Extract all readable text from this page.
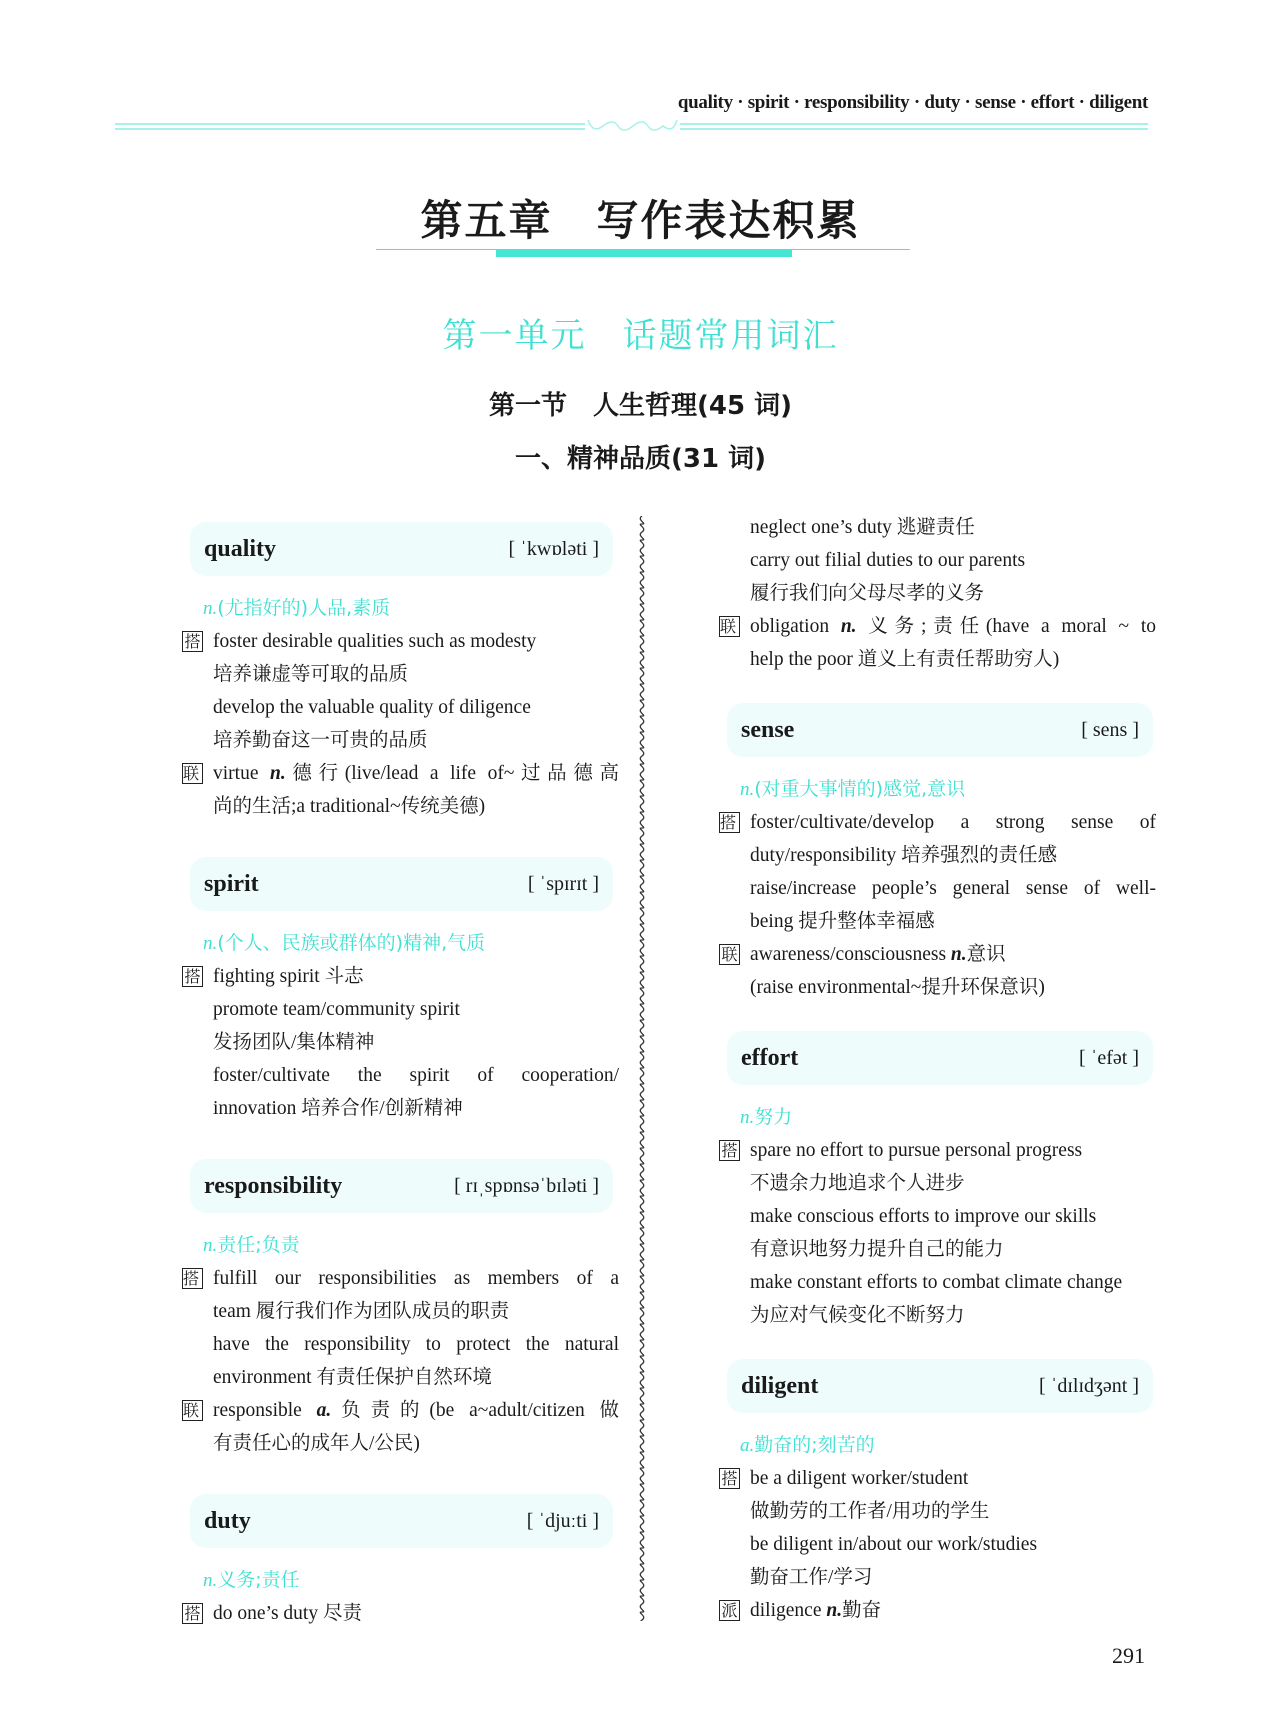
quality · spirit · responsibility · duty · sense · effort · diligent
第五章　写作表达积累
第一单元　话题常用词汇
第一节　人生哲理(45 词)
一、精神品质(31 词)
quality	[ ˈkwɒləti ]
n.(尤指好的)人品,素质
搭 foster desirable qualities such as modesty
培养谦虚等可取的品质
develop the valuable quality of diligence
培养勤奋这一可贵的品质
联 virtue n.德行(live/lead a life of~过品德高
尚的生活;a traditional~传统美德)
spirit	[ ˈspɪrɪt ]
n.(个人、民族或群体的)精神,气质
搭 fighting spirit 斗志
promote team/community spirit
发扬团队/集体精神
foster/cultivate the spirit of cooperation/
innovation 培养合作/创新精神
responsibility	[ rɪˌspɒnsəˈbɪləti ]
n.责任;负责
搭 fulfill our responsibilities as members of a
team 履行我们作为团队成员的职责
have the responsibility to protect the natural
environment 有责任保护自然环境
联 responsible a.负责的(be a~adult/citizen 做
有责任心的成年人/公民)
duty	[ ˈdjuːti ]
n.义务;责任
搭 do one’s duty 尽责
neglect one’s duty 逃避责任
carry out filial duties to our parents
履行我们向父母尽孝的义务
联 obligation n. 义务;责任(have a moral ~ to
help the poor 道义上有责任帮助穷人)
sense	[ sens ]
n.(对重大事情的)感觉,意识
搭 foster/cultivate/develop a strong sense of
duty/responsibility 培养强烈的责任感
raise/increase people’s general sense of well-
being 提升整体幸福感
联 awareness/consciousness n.意识
(raise environmental~提升环保意识)
effort	[ ˈefət ]
n.努力
搭 spare no effort to pursue personal progress
不遗余力地追求个人进步
make conscious efforts to improve our skills
有意识地努力提升自己的能力
make constant efforts to combat climate change
为应对气候变化不断努力
diligent	[ ˈdɪlɪdʒənt ]
a.勤奋的;刻苦的
搭 be a diligent worker/student
做勤劳的工作者/用功的学生
be diligent in/about our work/studies
勤奋工作/学习
派 diligence n.勤奋
291
